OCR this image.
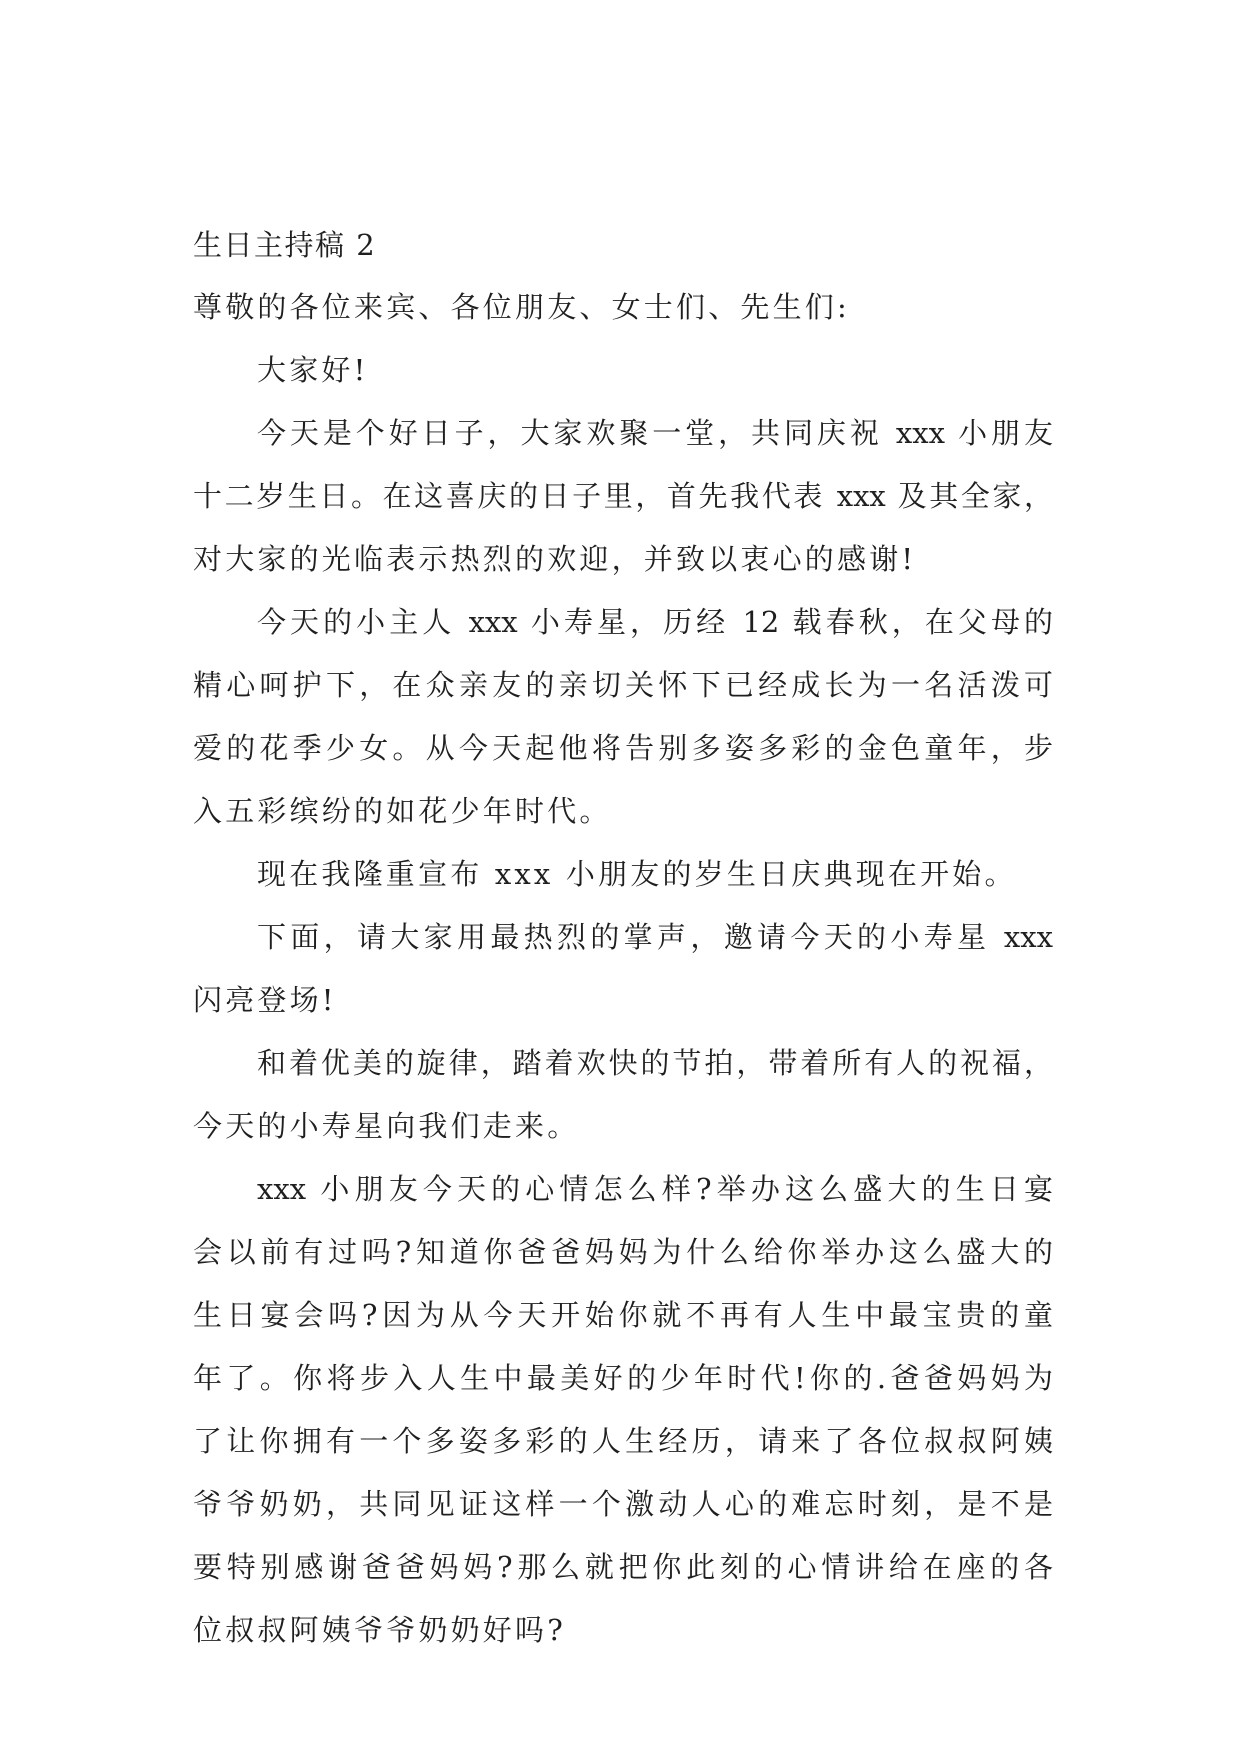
生日主持稿 2
尊敬的各位来宾、各位朋友、女士们、先生们:
大家好!
今天是个好日子，大家欢聚一堂，共同庆祝 xxx 小朋友
十二岁生日。在这喜庆的日子里，首先我代表 xxx 及其全家，
对大家的光临表示热烈的欢迎，并致以衷心的感谢!
今天的小主人 xxx 小寿星，历经 12 载春秋，在父母的
精心呵护下，在众亲友的亲切关怀下已经成长为一名活泼可
爱的花季少女。从今天起他将告别多姿多彩的金色童年，步
入五彩缤纷的如花少年时代。
现在我隆重宣布 xxx 小朋友的岁生日庆典现在开始。
下面，请大家用最热烈的掌声，邀请今天的小寿星 xxx
闪亮登场!
和着优美的旋律，踏着欢快的节拍，带着所有人的祝福，
今天的小寿星向我们走来。
xxx 小朋友今天的心情怎么样?举办这么盛大的生日宴
会以前有过吗?知道你爸爸妈妈为什么给你举办这么盛大的
生日宴会吗?因为从今天开始你就不再有人生中最宝贵的童
年了。你将步入人生中最美好的少年时代!你的.爸爸妈妈为
了让你拥有一个多姿多彩的人生经历，请来了各位叔叔阿姨
爷爷奶奶，共同见证这样一个激动人心的难忘时刻，是不是
要特别感谢爸爸妈妈?那么就把你此刻的心情讲给在座的各
位叔叔阿姨爷爷奶奶好吗?
